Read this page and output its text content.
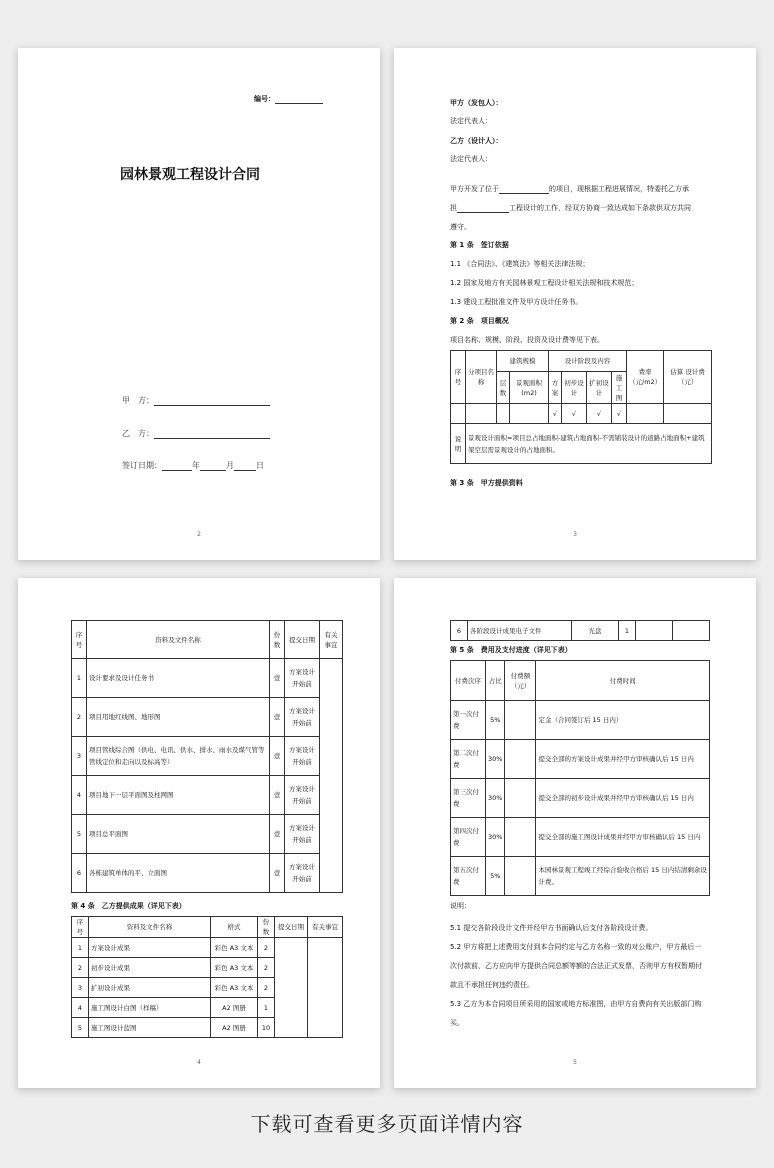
编号：
园林景观工程设计合同
甲　方：
乙　方：
签订日期：	年	月	日
2
甲方（发包人）：
法定代表人：
乙方（设计人）：
法定代表人：
甲方开发了位于	的项目，现根据工程进展情况，特委托乙方承
担	工程设计的工作，经双方协商一致达成如下条款供双方共同
遵守。
第 1 条　签订依据
1.1 《合同法》、《建筑法》等相关法律法规；
1.2 国家及地方有关园林景观工程设计相关法规和技术规范；
1.3 建设工程批准文件及甲方设计任务书。
第 2 条　项目概况
项目名称、规模、阶段、投资及设计费等见下表。
序号	分项目名称	建筑规模		设计阶段及内容				费率（元/m2）	估算 设计费（元）
		层数	景观面积(m2)	方案	初步设计	扩初设计	施工图		

				√	√	√	√		
说明	景观设计面积=项目总占地面积-建筑占地面积-不需铺装设计的道路占地面积+建筑架空层需景观设计的占地面积。								
第 3 条　甲方提供资料
3
序号	资料及文件名称	份数	提交日期	有关事宜
1	设计要求及设计任务书	壹	方案设计开始前	
2	项目用地红线图、地形图	壹	方案设计开始前	
3	项目管线综合图（供电、电讯、供水、排水、雨水及煤气管等管线定位和走向以及标高等）	壹	方案设计开始前	
4	项目地下一层平面图及柱网图	壹	方案设计开始前	
5	项目总平面图	壹	方案设计开始前	
6	各栋建筑单体的平、立面图	壹	方案设计开始前	
第 4 条　乙方提供成果（详见下表）
序号	资料及文件名称	格式	份数	提交日期	有关事宜
1	方案设计成果	彩色 A3 文本	2		
2	初步设计成果	彩色 A3 文本	2		
3	扩初设计成果	彩色 A3 文本	2		
4	施工图设计白图（样稿）	A2 图册	1		
5	施工图设计蓝图	A2 图册	10		
4
6	各阶段设计成果电子文件	光盘	1		
第 5 条　费用及支付进度（详见下表）
付费次序	占比	付费额（元）	付费时间
第一次付费	5%		定金（合同签订后 15 日内）
第二次付费	30%		提交全部的方案设计成果并经甲方审核确认后 15 日内
第三次付费	30%		提交全部的初步设计成果并经甲方审核确认后 15 日内
第四次付费	30%		提交全部的施工图设计成果并经甲方审核确认后 15 日内
第五次付费	5%		本园林景观工程竣工经综合验收合格后 15 日内结清剩余设计费。
说明：
5.1 提交各阶段设计文件并经甲方书面确认后支付各阶段设计费。
5.2 甲方将把上述费用支付到本合同约定与乙方名称一致的对公账户，甲方最后一次付款前，乙方应向甲方提供合同总额等额的合法正式发票，否则甲方有权暂期付款且不承担任何违约责任。
5.3 乙方为本合同项目所采用的国家或地方标准图，由甲方自费向有关出版部门购买。
5
下载可查看更多页面详情内容
